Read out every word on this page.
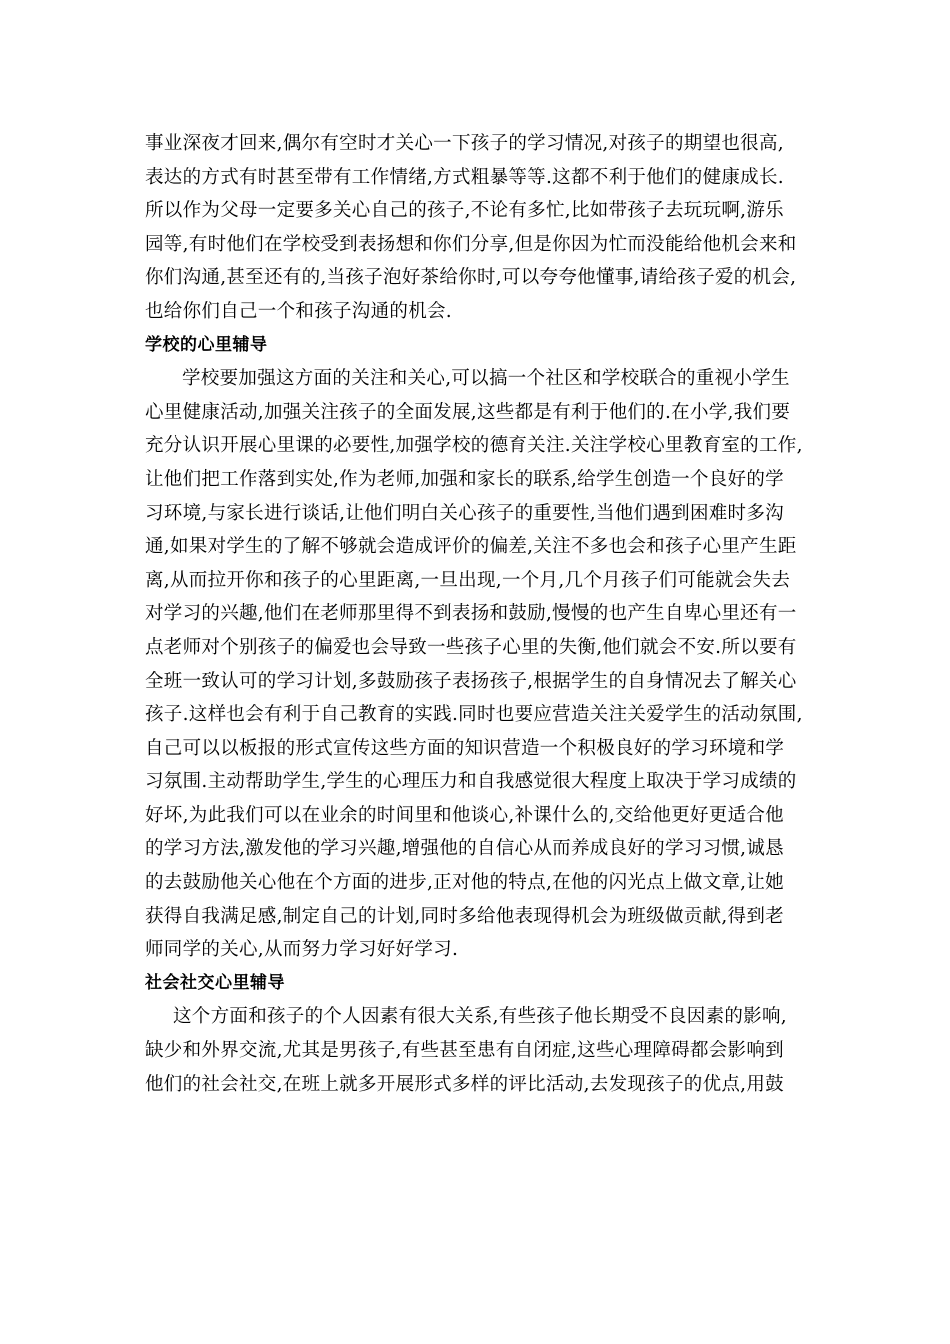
事业深夜才回来,偶尔有空时才关心一下孩子的学习情况,对孩子的期望也很高,
表达的方式有时甚至带有工作情绪,方式粗暴等等.这都不利于他们的健康成长.
所以作为父母一定要多关心自己的孩子,不论有多忙,比如带孩子去玩玩啊,游乐
园等,有时他们在学校受到表扬想和你们分享,但是你因为忙而没能给他机会来和
你们沟通,甚至还有的,当孩子泡好茶给你时,可以夸夸他懂事,请给孩子爱的机会,
也给你们自己一个和孩子沟通的机会.
学校的心里辅导
学校要加强这方面的关注和关心,可以搞一个社区和学校联合的重视小学生
心里健康活动,加强关注孩子的全面发展,这些都是有利于他们的.在小学,我们要
充分认识开展心里课的必要性,加强学校的德育关注.关注学校心里教育室的工作,
让他们把工作落到实处,作为老师,加强和家长的联系,给学生创造一个良好的学
习环境,与家长进行谈话,让他们明白关心孩子的重要性,当他们遇到困难时多沟
通,如果对学生的了解不够就会造成评价的偏差,关注不多也会和孩子心里产生距
离,从而拉开你和孩子的心里距离,一旦出现,一个月,几个月孩子们可能就会失去
对学习的兴趣,他们在老师那里得不到表扬和鼓励,慢慢的也产生自卑心里还有一
点老师对个别孩子的偏爱也会导致一些孩子心里的失衡,他们就会不安.所以要有
全班一致认可的学习计划,多鼓励孩子表扬孩子,根据学生的自身情况去了解关心
孩子.这样也会有利于自己教育的实践.同时也要应营造关注关爱学生的活动氛围,
自己可以以板报的形式宣传这些方面的知识营造一个积极良好的学习环境和学
习氛围.主动帮助学生,学生的心理压力和自我感觉很大程度上取决于学习成绩的
好坏,为此我们可以在业余的时间里和他谈心,补课什么的,交给他更好更适合他
的学习方法,激发他的学习兴趣,增强他的自信心从而养成良好的学习习惯,诚恳
的去鼓励他关心他在个方面的进步,正对他的特点,在他的闪光点上做文章,让她
获得自我满足感,制定自己的计划,同时多给他表现得机会为班级做贡献,得到老
师同学的关心,从而努力学习好好学习.
社会社交心里辅导
这个方面和孩子的个人因素有很大关系,有些孩子他长期受不良因素的影响,
缺少和外界交流,尤其是男孩子,有些甚至患有自闭症,这些心理障碍都会影响到
他们的社会社交,在班上就多开展形式多样的评比活动,去发现孩子的优点,用鼓
